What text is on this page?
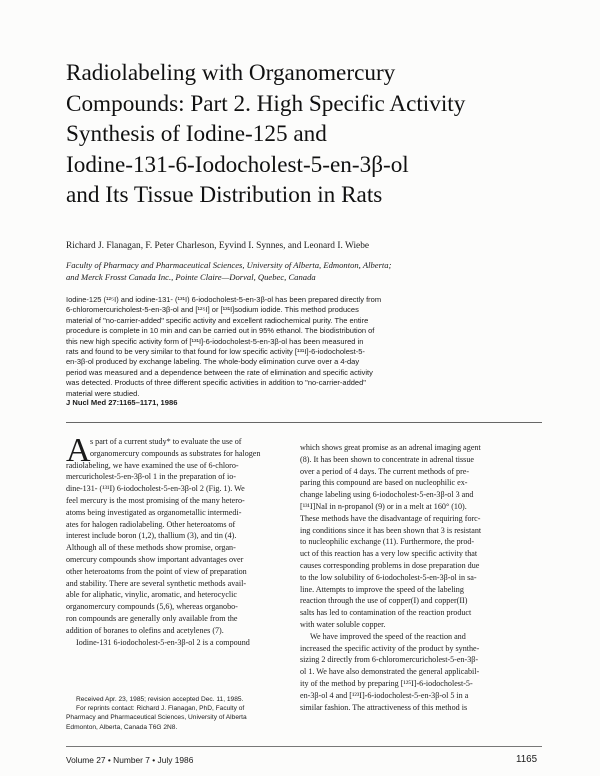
Radiolabeling with Organomercury
Compounds: Part 2. High Specific Activity
Synthesis of Iodine-125 and
Iodine-131-6-Iodocholest-5-en-3β-ol
and Its Tissue Distribution in Rats
Richard J. Flanagan, F. Peter Charleson, Eyvind I. Synnes, and Leonard I. Wiebe
Faculty of Pharmacy and Pharmaceutical Sciences, University of Alberta, Edmonton, Alberta;
and Merck Frosst Canada Inc., Pointe Claire—Dorval, Quebec, Canada
Iodine-125 (¹²⁵I) and iodine-131- (¹³¹I) 6-iodocholest-5-en-3β-ol has been prepared directly from
6-chloromercuricholest-5-en-3β-ol and [¹²⁵I] or [¹³¹I]sodium iodide. This method produces
material of "no-carrier-added" specific activity and excellent radiochemical purity. The entire
procedure is complete in 10 min and can be carried out in 95% ethanol. The biodistribution of
this new high specific activity form of [¹³¹I]-6-iodocholest-5-en-3β-ol has been measured in
rats and found to be very similar to that found for low specific activity [¹³¹I]-6-iodocholest-5-
en-3β-ol produced by exchange labeling. The whole-body elimination curve over a 4-day
period was measured and a dependence between the rate of elimination and specific activity
was detected. Products of three different specific activities in addition to "no-carrier-added"
material were studied.
J Nucl Med 27:1165–1171, 1986
A s part of a current study* to evaluate the use of
organomercury compounds as substrates for halogen
radiolabeling, we have examined the use of 6-chloro-
mercuricholest-5-en-3β-ol 1 in the preparation of io-
dine-131- (¹³¹I) 6-iodocholest-5-en-3β-ol 2 (Fig. 1). We
feel mercury is the most promising of the many hetero-
atoms being investigated as organometallic intermedi-
ates for halogen radiolabeling. Other heteroatoms of
interest include boron (1,2), thallium (3), and tin (4).
Although all of these methods show promise, organ-
omercury compounds show important advantages over
other heteroatoms from the point of view of preparation
and stability. There are several synthetic methods avail-
able for aliphatic, vinylic, aromatic, and heterocyclic
organomercury compounds (5,6), whereas organobo-
ron compounds are generally only available from the
addition of boranes to olefins and acetylenes (7).
Iodine-131 6-iodocholest-5-en-3β-ol 2 is a compound
Received Apr. 23, 1985; revision accepted Dec. 11, 1985.
For reprints contact: Richard J. Flanagan, PhD, Faculty of
Pharmacy and Pharmaceutical Sciences, University of Alberta
Edmonton, Alberta, Canada T6G 2N8.
which shows great promise as an adrenal imaging agent
(8). It has been shown to concentrate in adrenal tissue
over a period of 4 days. The current methods of pre-
paring this compound are based on nucleophilic ex-
change labeling using 6-iodocholest-5-en-3β-ol 3 and
[¹³¹I]NaI in n-propanol (9) or in a melt at 160° (10).
These methods have the disadvantage of requiring forc-
ing conditions since it has been shown that 3 is resistant
to nucleophilic exchange (11). Furthermore, the prod-
uct of this reaction has a very low specific activity that
causes corresponding problems in dose preparation due
to the low solubility of 6-iodocholest-5-en-3β-ol in sa-
line. Attempts to improve the speed of the labeling
reaction through the use of copper(I) and copper(II)
salts has led to contamination of the reaction product
with water soluble copper.
We have improved the speed of the reaction and
increased the specific activity of the product by synthe-
sizing 2 directly from 6-chloromercuricholest-5-en-3β-
ol 1. We have also demonstrated the general applicabil-
ity of the method by preparing [¹²⁵I]-6-iodocholest-5-
en-3β-ol 4 and [¹²³I]-6-iodocholest-5-en-3β-ol 5 in a
similar fashion. The attractiveness of this method is
Volume 27 • Number 7 • July 1986	1165
